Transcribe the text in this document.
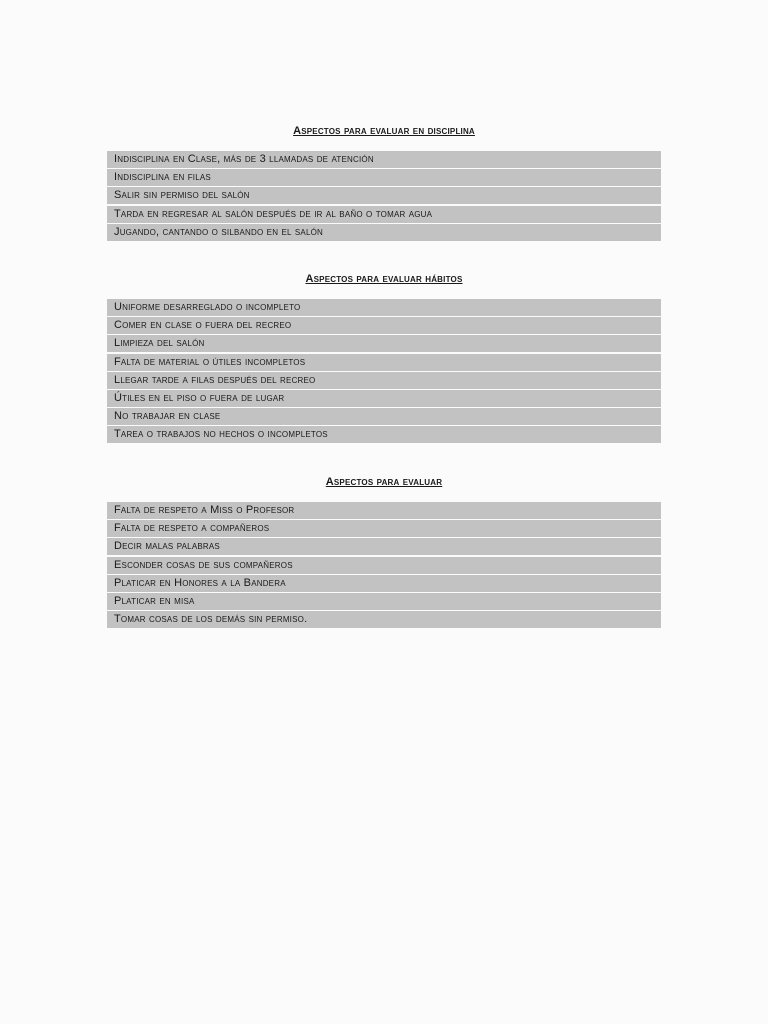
Aspectos para evaluar en disciplina
Indisciplina en Clase, más de 3 llamadas de atención
Indisciplina en filas
Salir sin permiso del salón
Tarda en regresar al salón después de ir al baño o tomar agua
Jugando, cantando o silbando en el salón
Aspectos para evaluar hábitos
Uniforme desarreglado o incompleto
Comer en clase o fuera del recreo
Limpieza del salón
Falta de material o útiles incompletos
Llegar tarde a filas después del recreo
Útiles en el piso o fuera de lugar
No trabajar en clase
Tarea o trabajos no hechos o incompletos
Aspectos para evaluar
Falta de respeto a Miss o Profesor
Falta de respeto a compañeros
Decir malas palabras
Esconder cosas de sus compañeros
Platicar en Honores a la Bandera
Platicar en misa
Tomar cosas de los demás sin permiso.
